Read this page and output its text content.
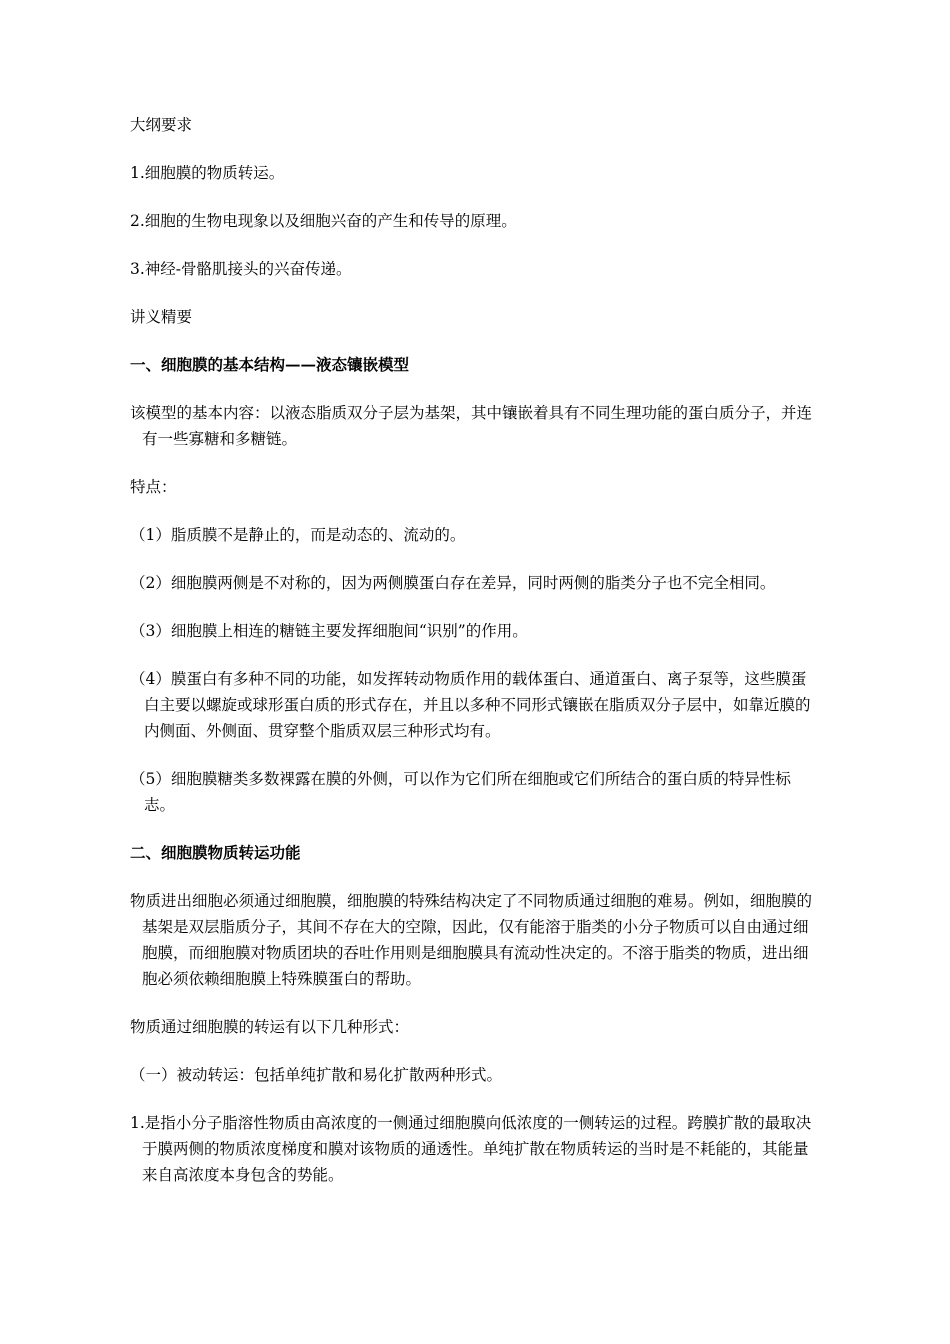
大纲要求

1.细胞膜的物质转运。

2.细胞的生物电现象以及细胞兴奋的产生和传导的原理。

3.神经-骨骼肌接头的兴奋传递。

讲义精要

一、细胞膜的基本结构——液态镶嵌模型

该模型的基本内容：以液态脂质双分子层为基架，其中镶嵌着具有不同生理功能的蛋白质分子，并连有一些寡糖和多糖链。

特点：

（1）脂质膜不是静止的，而是动态的、流动的。

（2）细胞膜两侧是不对称的，因为两侧膜蛋白存在差异，同时两侧的脂类分子也不完全相同。

（3）细胞膜上相连的糖链主要发挥细胞间“识别”的作用。

（4）膜蛋白有多种不同的功能，如发挥转动物质作用的载体蛋白、通道蛋白、离子泵等，这些膜蛋白主要以螺旋或球形蛋白质的形式存在，并且以多种不同形式镶嵌在脂质双分子层中，如靠近膜的内侧面、外侧面、贯穿整个脂质双层三种形式均有。

（5）细胞膜糖类多数裸露在膜的外侧，可以作为它们所在细胞或它们所结合的蛋白质的特异性标志。

二、细胞膜物质转运功能

物质进出细胞必须通过细胞膜，细胞膜的特殊结构决定了不同物质通过细胞的难易。例如，细胞膜的基架是双层脂质分子，其间不存在大的空隙，因此，仅有能溶于脂类的小分子物质可以自由通过细胞膜，而细胞膜对物质团块的吞吐作用则是细胞膜具有流动性决定的。不溶于脂类的物质，进出细胞必须依赖细胞膜上特殊膜蛋白的帮助。

物质通过细胞膜的转运有以下几种形式：

（一）被动转运：包括单纯扩散和易化扩散两种形式。

1.是指小分子脂溶性物质由高浓度的一侧通过细胞膜向低浓度的一侧转运的过程。跨膜扩散的最取决于膜两侧的物质浓度梯度和膜对该物质的通透性。单纯扩散在物质转运的当时是不耗能的，其能量来自高浓度本身包含的势能。
